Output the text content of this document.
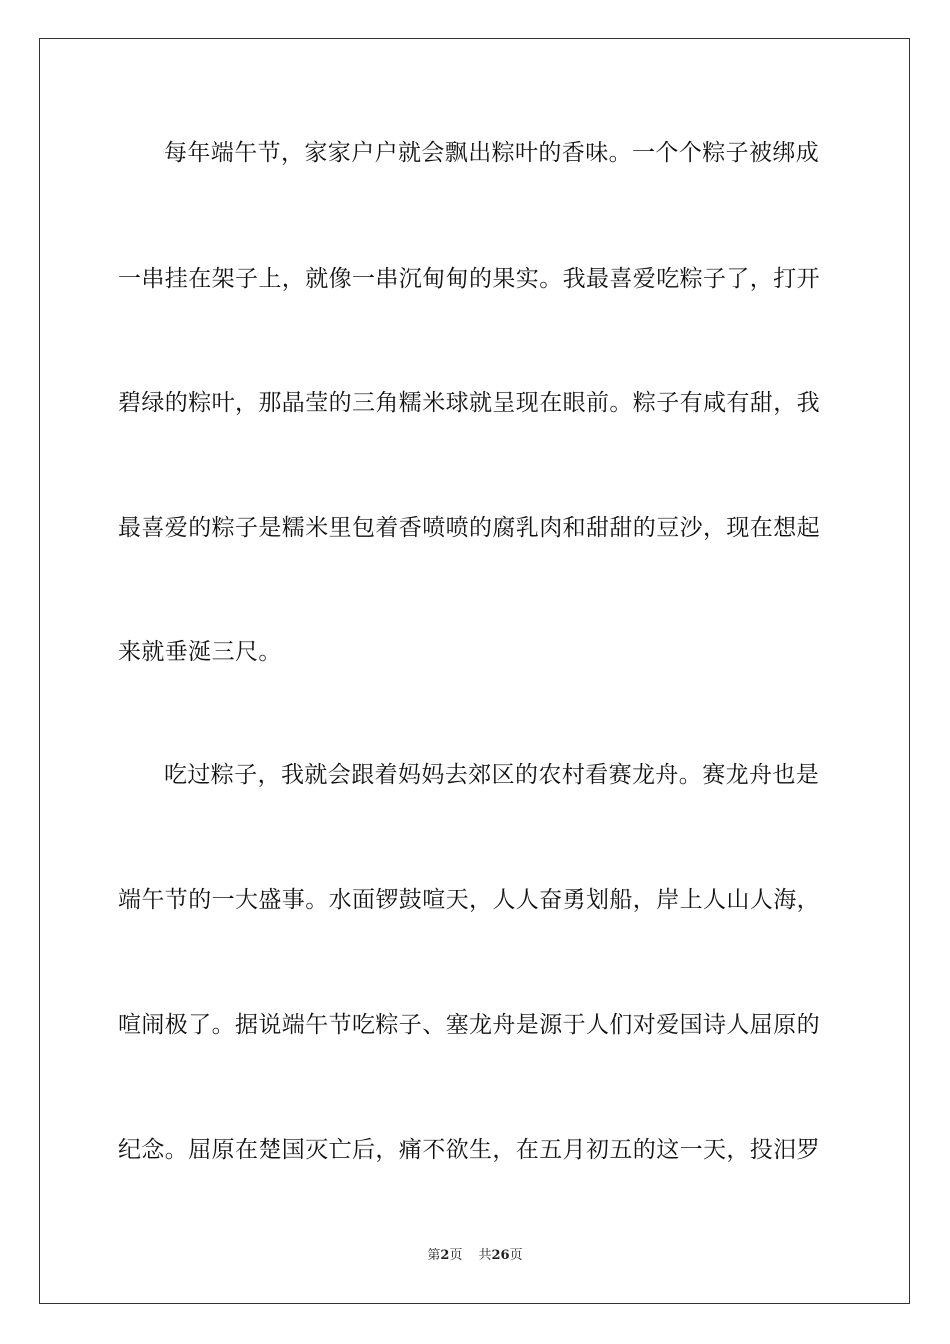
每年端午节，家家户户就会飘出粽叶的香味。一个个粽子被绑成
一串挂在架子上，就像一串沉甸甸的果实。我最喜爱吃粽子了，打开
碧绿的粽叶，那晶莹的三角糯米球就呈现在眼前。粽子有咸有甜，我
最喜爱的粽子是糯米里包着香喷喷的腐乳肉和甜甜的豆沙，现在想起
来就垂涎三尺。
吃过粽子，我就会跟着妈妈去郊区的农村看赛龙舟。赛龙舟也是
端午节的一大盛事。水面锣鼓喧天，人人奋勇划船，岸上人山人海，
喧闹极了。据说端午节吃粽子、塞龙舟是源于人们对爱国诗人屈原的
纪念。屈原在楚国灭亡后，痛不欲生，在五月初五的这一天，投汨罗
第2页 共26页
